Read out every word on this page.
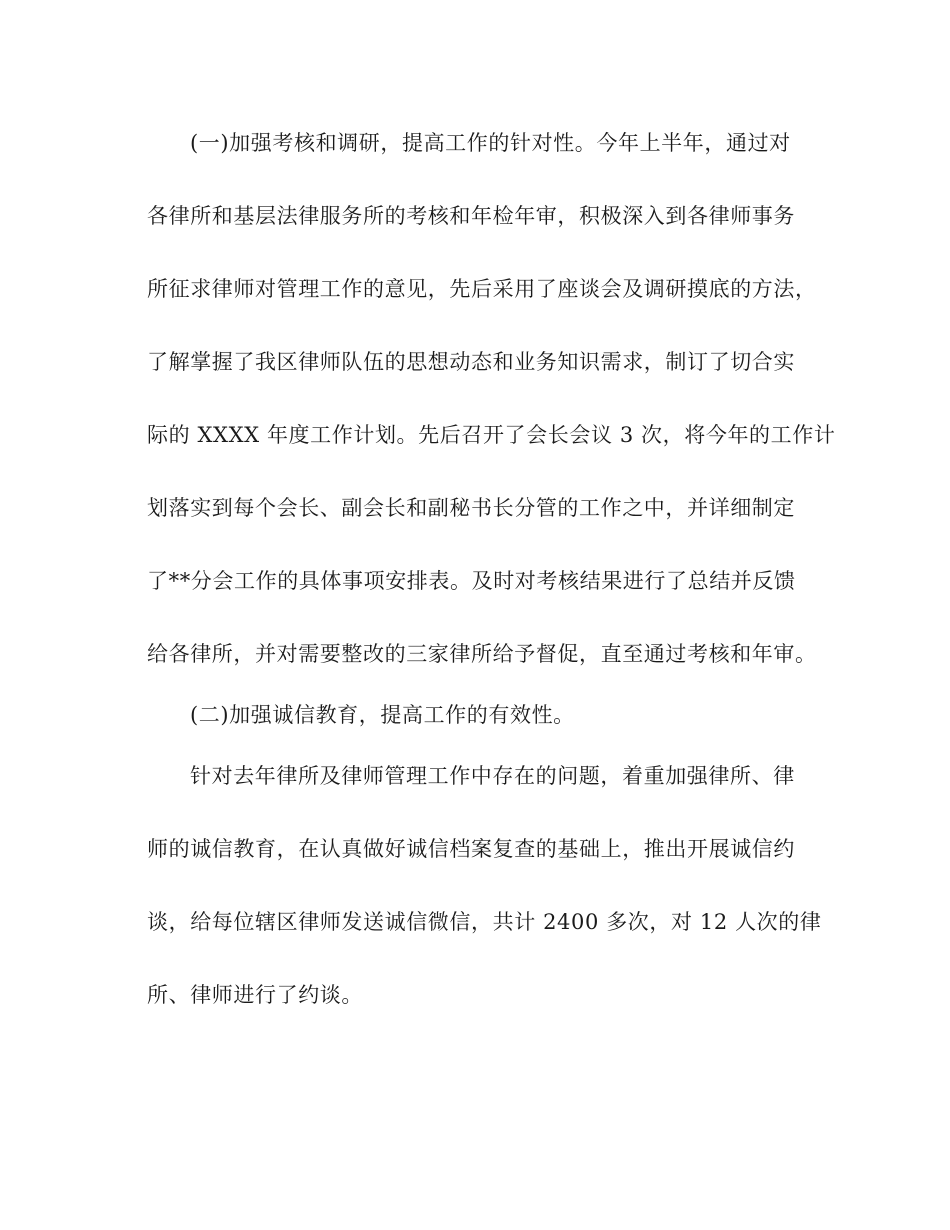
(一)加强考核和调研，提高工作的针对性。今年上半年，通过对
各律所和基层法律服务所的考核和年检年审，积极深入到各律师事务
所征求律师对管理工作的意见，先后采用了座谈会及调研摸底的方法，
了解掌握了我区律师队伍的思想动态和业务知识需求，制订了切合实
际的 XXXX 年度工作计划。先后召开了会长会议 3 次，将今年的工作计
划落实到每个会长、副会长和副秘书长分管的工作之中，并详细制定
了**分会工作的具体事项安排表。及时对考核结果进行了总结并反馈
给各律所，并对需要整改的三家律所给予督促，直至通过考核和年审。
(二)加强诚信教育，提高工作的有效性。
针对去年律所及律师管理工作中存在的问题，着重加强律所、律
师的诚信教育，在认真做好诚信档案复查的基础上，推出开展诚信约
谈，给每位辖区律师发送诚信微信，共计 2400 多次，对 12 人次的律
所、律师进行了约谈。
